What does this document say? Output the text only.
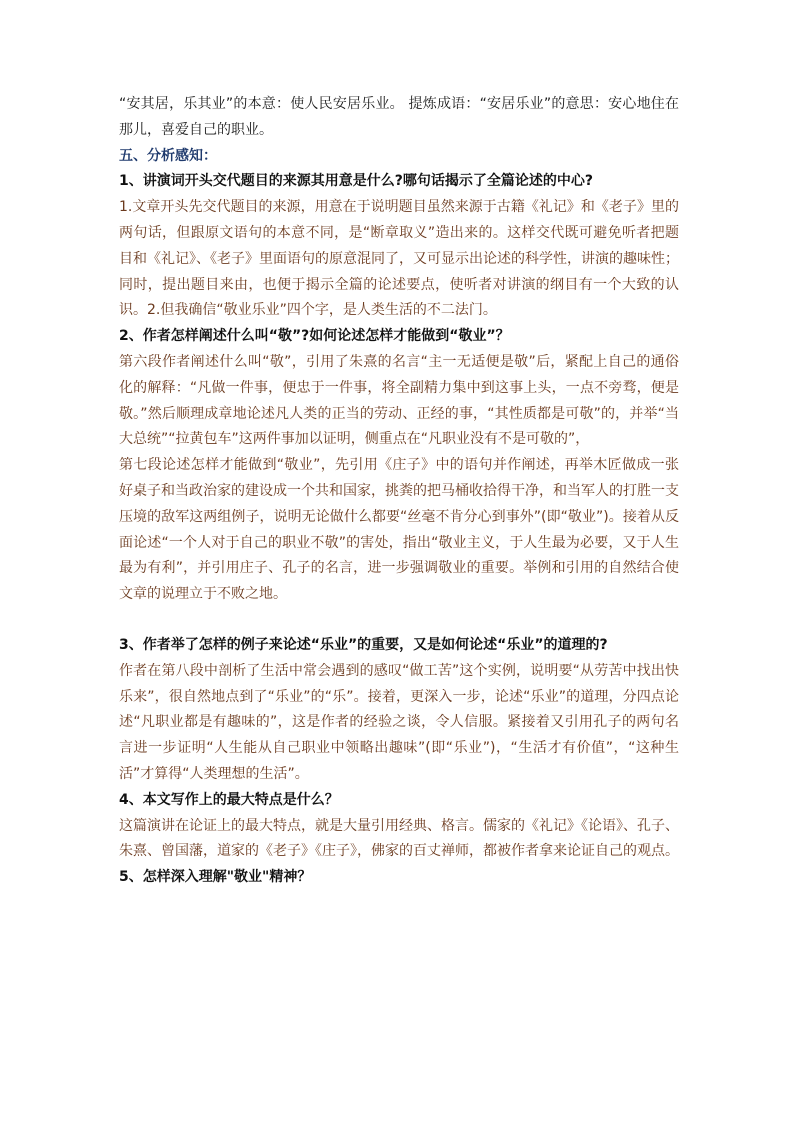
“安其居，乐其业”的本意：使人民安居乐业。 提炼成语：“安居乐业”的意思：安心地住在那儿，喜爱自己的职业。

五、分析感知：

1、讲演词开头交代题目的来源其用意是什么?哪句话揭示了全篇论述的中心?

1.文章开头先交代题目的来源，用意在于说明题目虽然来源于古籍《礼记》和《老子》里的两句话，但跟原文语句的本意不同，是“断章取义”造出来的。这样交代既可避免听者把题目和《礼记》、《老子》里面语句的原意混同了，又可显示出论述的科学性，讲演的趣味性；同时，提出题目来由，也便于揭示全篇的论述要点，使听者对讲演的纲目有一个大致的认识。2.但我确信“敬业乐业”四个字，是人类生活的不二法门。

2、作者怎样阐述什么叫“敬”?如何论述怎样才能做到“敬业”？

第六段作者阐述什么叫“敬”，引用了朱熹的名言“主一无适便是敬”后，紧配上自己的通俗化的解释：“凡做一件事，便忠于一件事，将全副精力集中到这事上头，一点不旁骛，便是敬。”然后顺理成章地论述凡人类的正当的劳动、正经的事，“其性质都是可敬”的，并举“当大总统”“拉黄包车”这两件事加以证明，侧重点在“凡职业没有不是可敬的”，

第七段论述怎样才能做到“敬业”，先引用《庄子》中的语句并作阐述，再举木匠做成一张好桌子和当政治家的建设成一个共和国家，挑粪的把马桶收拾得干净，和当军人的打胜一支压境的敌军这两组例子，说明无论做什么都要“丝毫不肯分心到事外”(即“敬业”)。接着从反面论述“一个人对于自己的职业不敬”的害处，指出“敬业主义，于人生最为必要，又于人生最为有利”，并引用庄子、孔子的名言，进一步强调敬业的重要。举例和引用的自然结合使文章的说理立于不败之地。

3、作者举了怎样的例子来论述“乐业”的重要，又是如何论述“乐业”的道理的?

作者在第八段中剖析了生活中常会遇到的感叹“做工苦”这个实例，说明要“从劳苦中找出快乐来”，很自然地点到了“乐业”的“乐”。接着，更深入一步，论述“乐业”的道理，分四点论述“凡职业都是有趣味的”，这是作者的经验之谈，令人信服。紧接着又引用孔子的两句名言进一步证明“人生能从自己职业中领略出趣味”(即“乐业”)，“生活才有价值”，“这种生活”才算得“人类理想的生活”。

4、本文写作上的最大特点是什么？

这篇演讲在论证上的最大特点，就是大量引用经典、格言。儒家的《礼记》《论语》、孔子、朱熹、曾国藩，道家的《老子》《庄子》，佛家的百丈禅师，都被作者拿来论证自己的观点。

5、怎样深入理解"敬业"精神？
